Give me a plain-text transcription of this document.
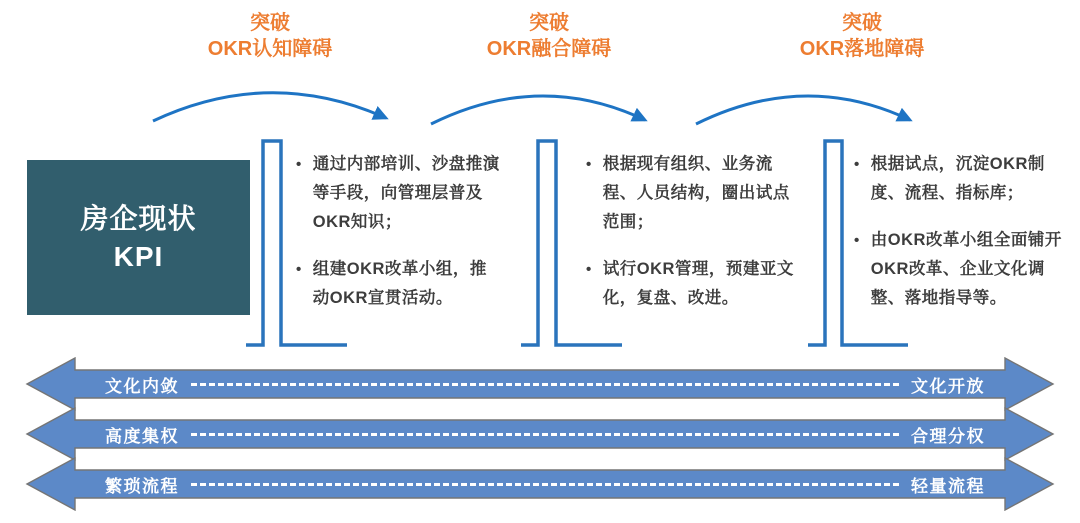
突破
OKR认知障碍
突破
OKR融合障碍
突破
OKR落地障碍
房企现状
KPI
• 通过内部培训、沙盘推演等手段，向管理层普及OKR知识；
• 组建OKR改革小组，推动OKR宣贯活动。
• 根据现有组织、业务流程、人员结构，圈出试点范围；
• 试行OKR管理，预建亚文化，复盘、改进。
• 根据试点，沉淀OKR制度、流程、指标库；
• 由OKR改革小组全面铺开OKR改革、企业文化调整、落地指导等。
文化内敛	文化开放
高度集权	合理分权
繁琐流程	轻量流程
